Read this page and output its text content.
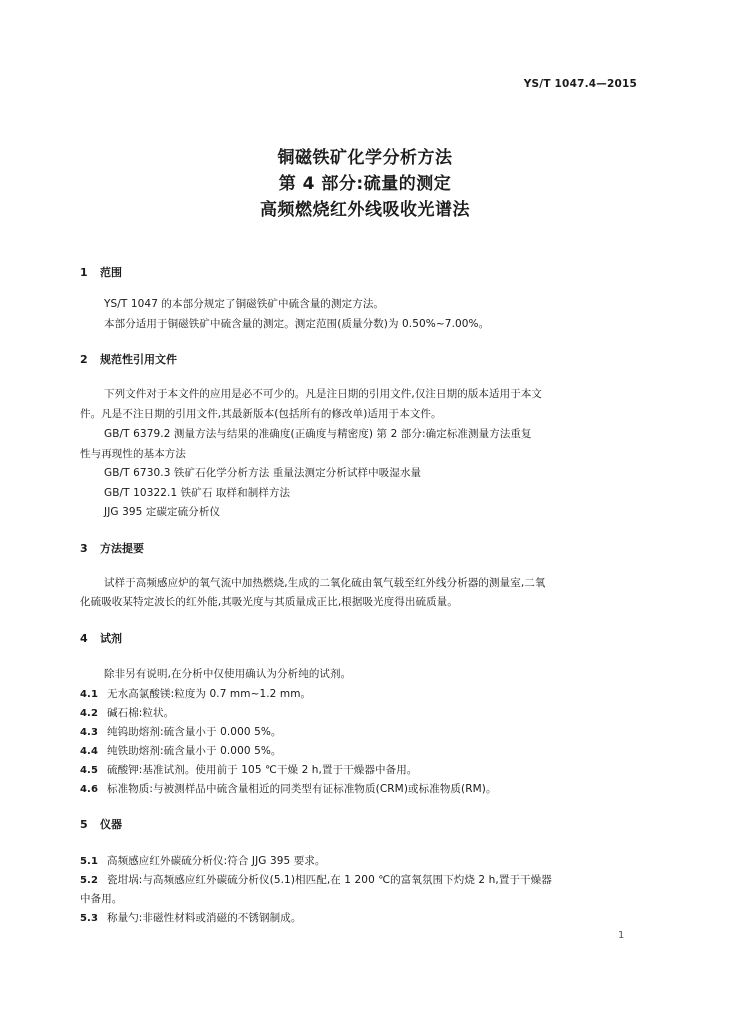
YS/T 1047.4—2015
铜磁铁矿化学分析方法
第 4 部分:硫量的测定
高频燃烧红外线吸收光谱法
1 范围
YS/T 1047 的本部分规定了铜磁铁矿中硫含量的测定方法。
本部分适用于铜磁铁矿中硫含量的测定。测定范围(质量分数)为 0.50%~7.00%。
2 规范性引用文件
下列文件对于本文件的应用是必不可少的。凡是注日期的引用文件,仅注日期的版本适用于本文
件。凡是不注日期的引用文件,其最新版本(包括所有的修改单)适用于本文件。
GB/T 6379.2 测量方法与结果的准确度(正确度与精密度) 第 2 部分:确定标准测量方法重复
性与再现性的基本方法
GB/T 6730.3 铁矿石化学分析方法 重量法测定分析试样中吸湿水量
GB/T 10322.1 铁矿石 取样和制样方法
JJG 395 定碳定硫分析仪
3 方法提要
试样于高频感应炉的氧气流中加热燃烧,生成的二氧化硫由氧气载至红外线分析器的测量室,二氧
化硫吸收某特定波长的红外能,其吸光度与其质量成正比,根据吸光度得出硫质量。
4 试剂
除非另有说明,在分析中仅使用确认为分析纯的试剂。
4.1 无水高氯酸镁:粒度为 0.7 mm~1.2 mm。
4.2 碱石棉:粒状。
4.3 纯钨助熔剂:硫含量小于 0.000 5%。
4.4 纯铁助熔剂:硫含量小于 0.000 5%。
4.5 硫酸钾:基准试剂。使用前于 105 ℃干燥 2 h,置于干燥器中备用。
4.6 标准物质:与被测样品中硫含量相近的同类型有证标准物质(CRM)或标准物质(RM)。
5 仪器
5.1 高频感应红外碳硫分析仪:符合 JJG 395 要求。
5.2 瓷坩埚:与高频感应红外碳硫分析仪(5.1)相匹配,在 1 200 ℃的富氧氛围下灼烧 2 h,置于干燥器
中备用。
5.3 称量勺:非磁性材料或消磁的不锈钢制成。
1
